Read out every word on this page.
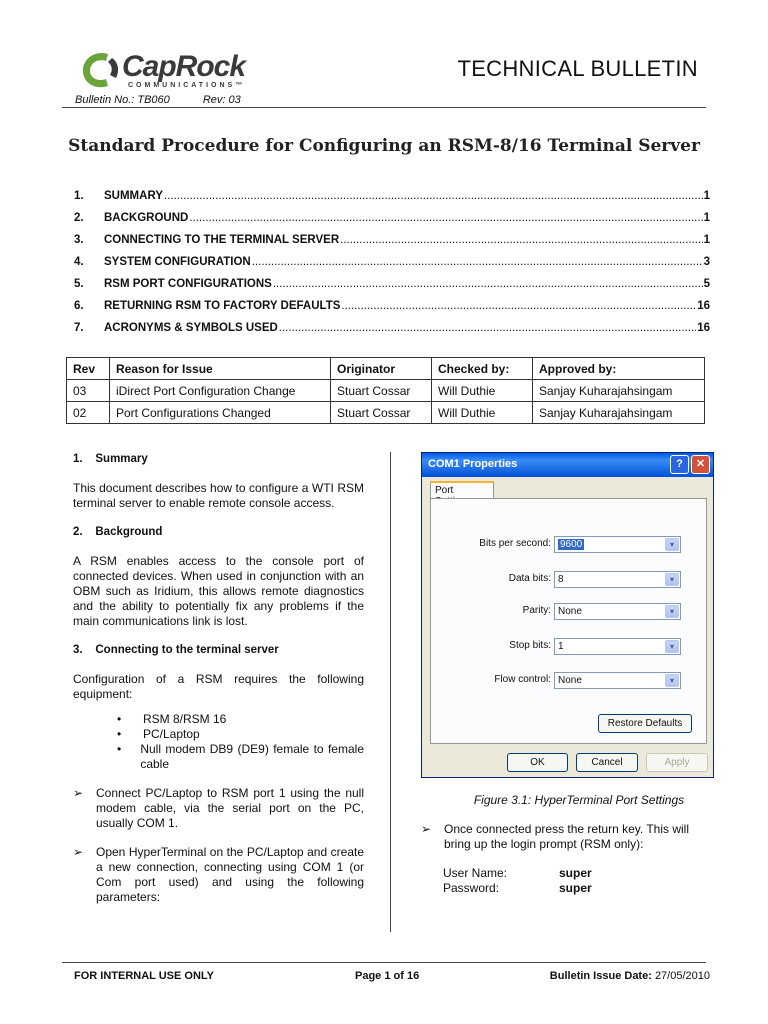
CapRock
COMMUNICATIONS™
TECHNICAL BULLETIN
Bulletin No.: TB060	Rev: 03
Standard Procedure for Configuring an RSM-8/16 Terminal Server
1.	SUMMARY .....	1
2.	BACKGROUND .....	1
3.	CONNECTING TO THE TERMINAL SERVER .....	1
4.	SYSTEM CONFIGURATION .....	3
5.	RSM PORT CONFIGURATIONS .....	5
6.	RETURNING RSM TO FACTORY DEFAULTS .....	16
7.	ACRONYMS & SYMBOLS USED .....	16
Rev	Reason for Issue	Originator	Checked by:	Approved by:
03	iDirect Port Configuration Change	Stuart Cossar	Will Duthie	Sanjay Kuharajahsingam
02	Port Configurations Changed	Stuart Cossar	Will Duthie	Sanjay Kuharajahsingam
1.    Summary

This document describes how to configure a WTI RSM terminal server to enable remote console access.

2.    Background

A RSM enables access to the console port of connected devices. When used in conjunction with an OBM such as Iridium, this allows remote diagnostics and the ability to potentially fix any problems if the main communications link is lost.

3.    Connecting to the terminal server

Configuration of a RSM requires the following equipment:

•	RSM 8/RSM 16
•	PC/Laptop
•	Null modem DB9 (DE9) female to female cable
➢	Connect PC/Laptop to RSM port 1 using the null modem cable, via the serial port on the PC, usually COM 1.

➢	Open HyperTerminal on the PC/Laptop and create a new connection, connecting using COM 1 (or Com port used) and using the following parameters:

COM1 Properties	?	✕
Port
Bits per second: 9600	▾
Data bits: 8	▾
Parity: None	▾
Stop bits: 1	▾
Flow control: None	▾
Restore Defaults
OK	Cancel	Apply
Figure 3.1: HyperTerminal Port Settings
➢	Once connected press the return key. This will bring up the login prompt (RSM only):

User Name:	super
Password:	super
FOR INTERNAL USE ONLY	Page 1 of 16	Bulletin Issue Date: 27/05/2010
